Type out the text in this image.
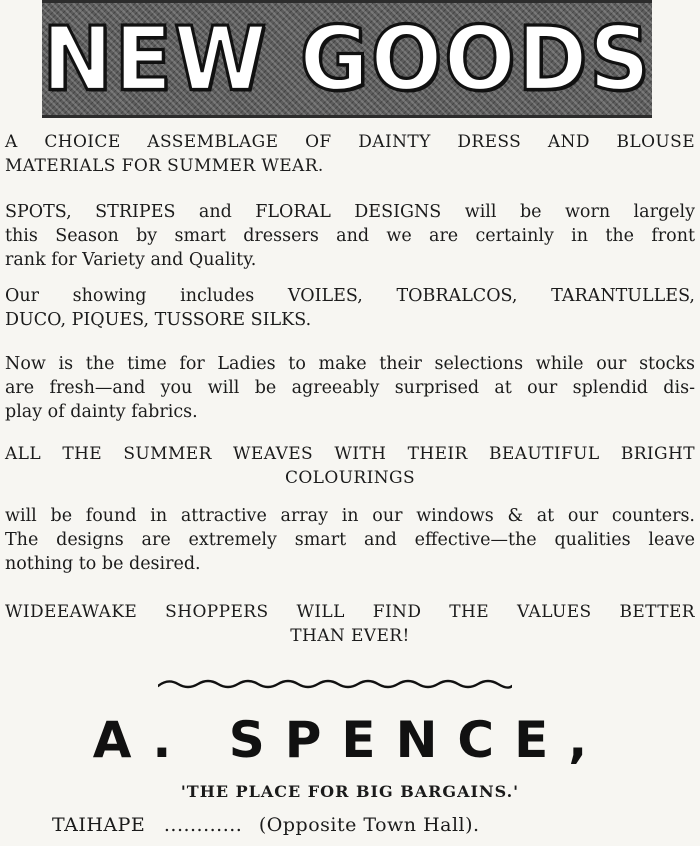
NEW GOODS
A CHOICE ASSEMBLAGE OF DAINTY DRESS AND BLOUSE
MATERIALS FOR SUMMER WEAR.
SPOTS, STRIPES and FLORAL DESIGNS will be worn largely
this Season by smart dressers and we are certainly in the front
rank for Variety and Quality.
Our showing includes VOILES, TOBRALCOS, TARANTULLES,
DUCO, PIQUES, TUSSORE SILKS.
Now is the time for Ladies to make their selections while our stocks
are fresh—and you will be agreeably surprised at our splendid dis-
play of dainty fabrics.
ALL THE SUMMER WEAVES WITH THEIR BEAUTIFUL BRIGHT
COLOURINGS
will be found in attractive array in our windows & at our counters.
The designs are extremely smart and effective—the qualities leave
nothing to be desired.
WIDEEAWAKE SHOPPERS WILL FIND THE VALUES BETTER
THAN EVER!
A. SPENCE,
'THE PLACE FOR BIG BARGAINS.'
TAIHAPE ............ (Opposite Town Hall).
